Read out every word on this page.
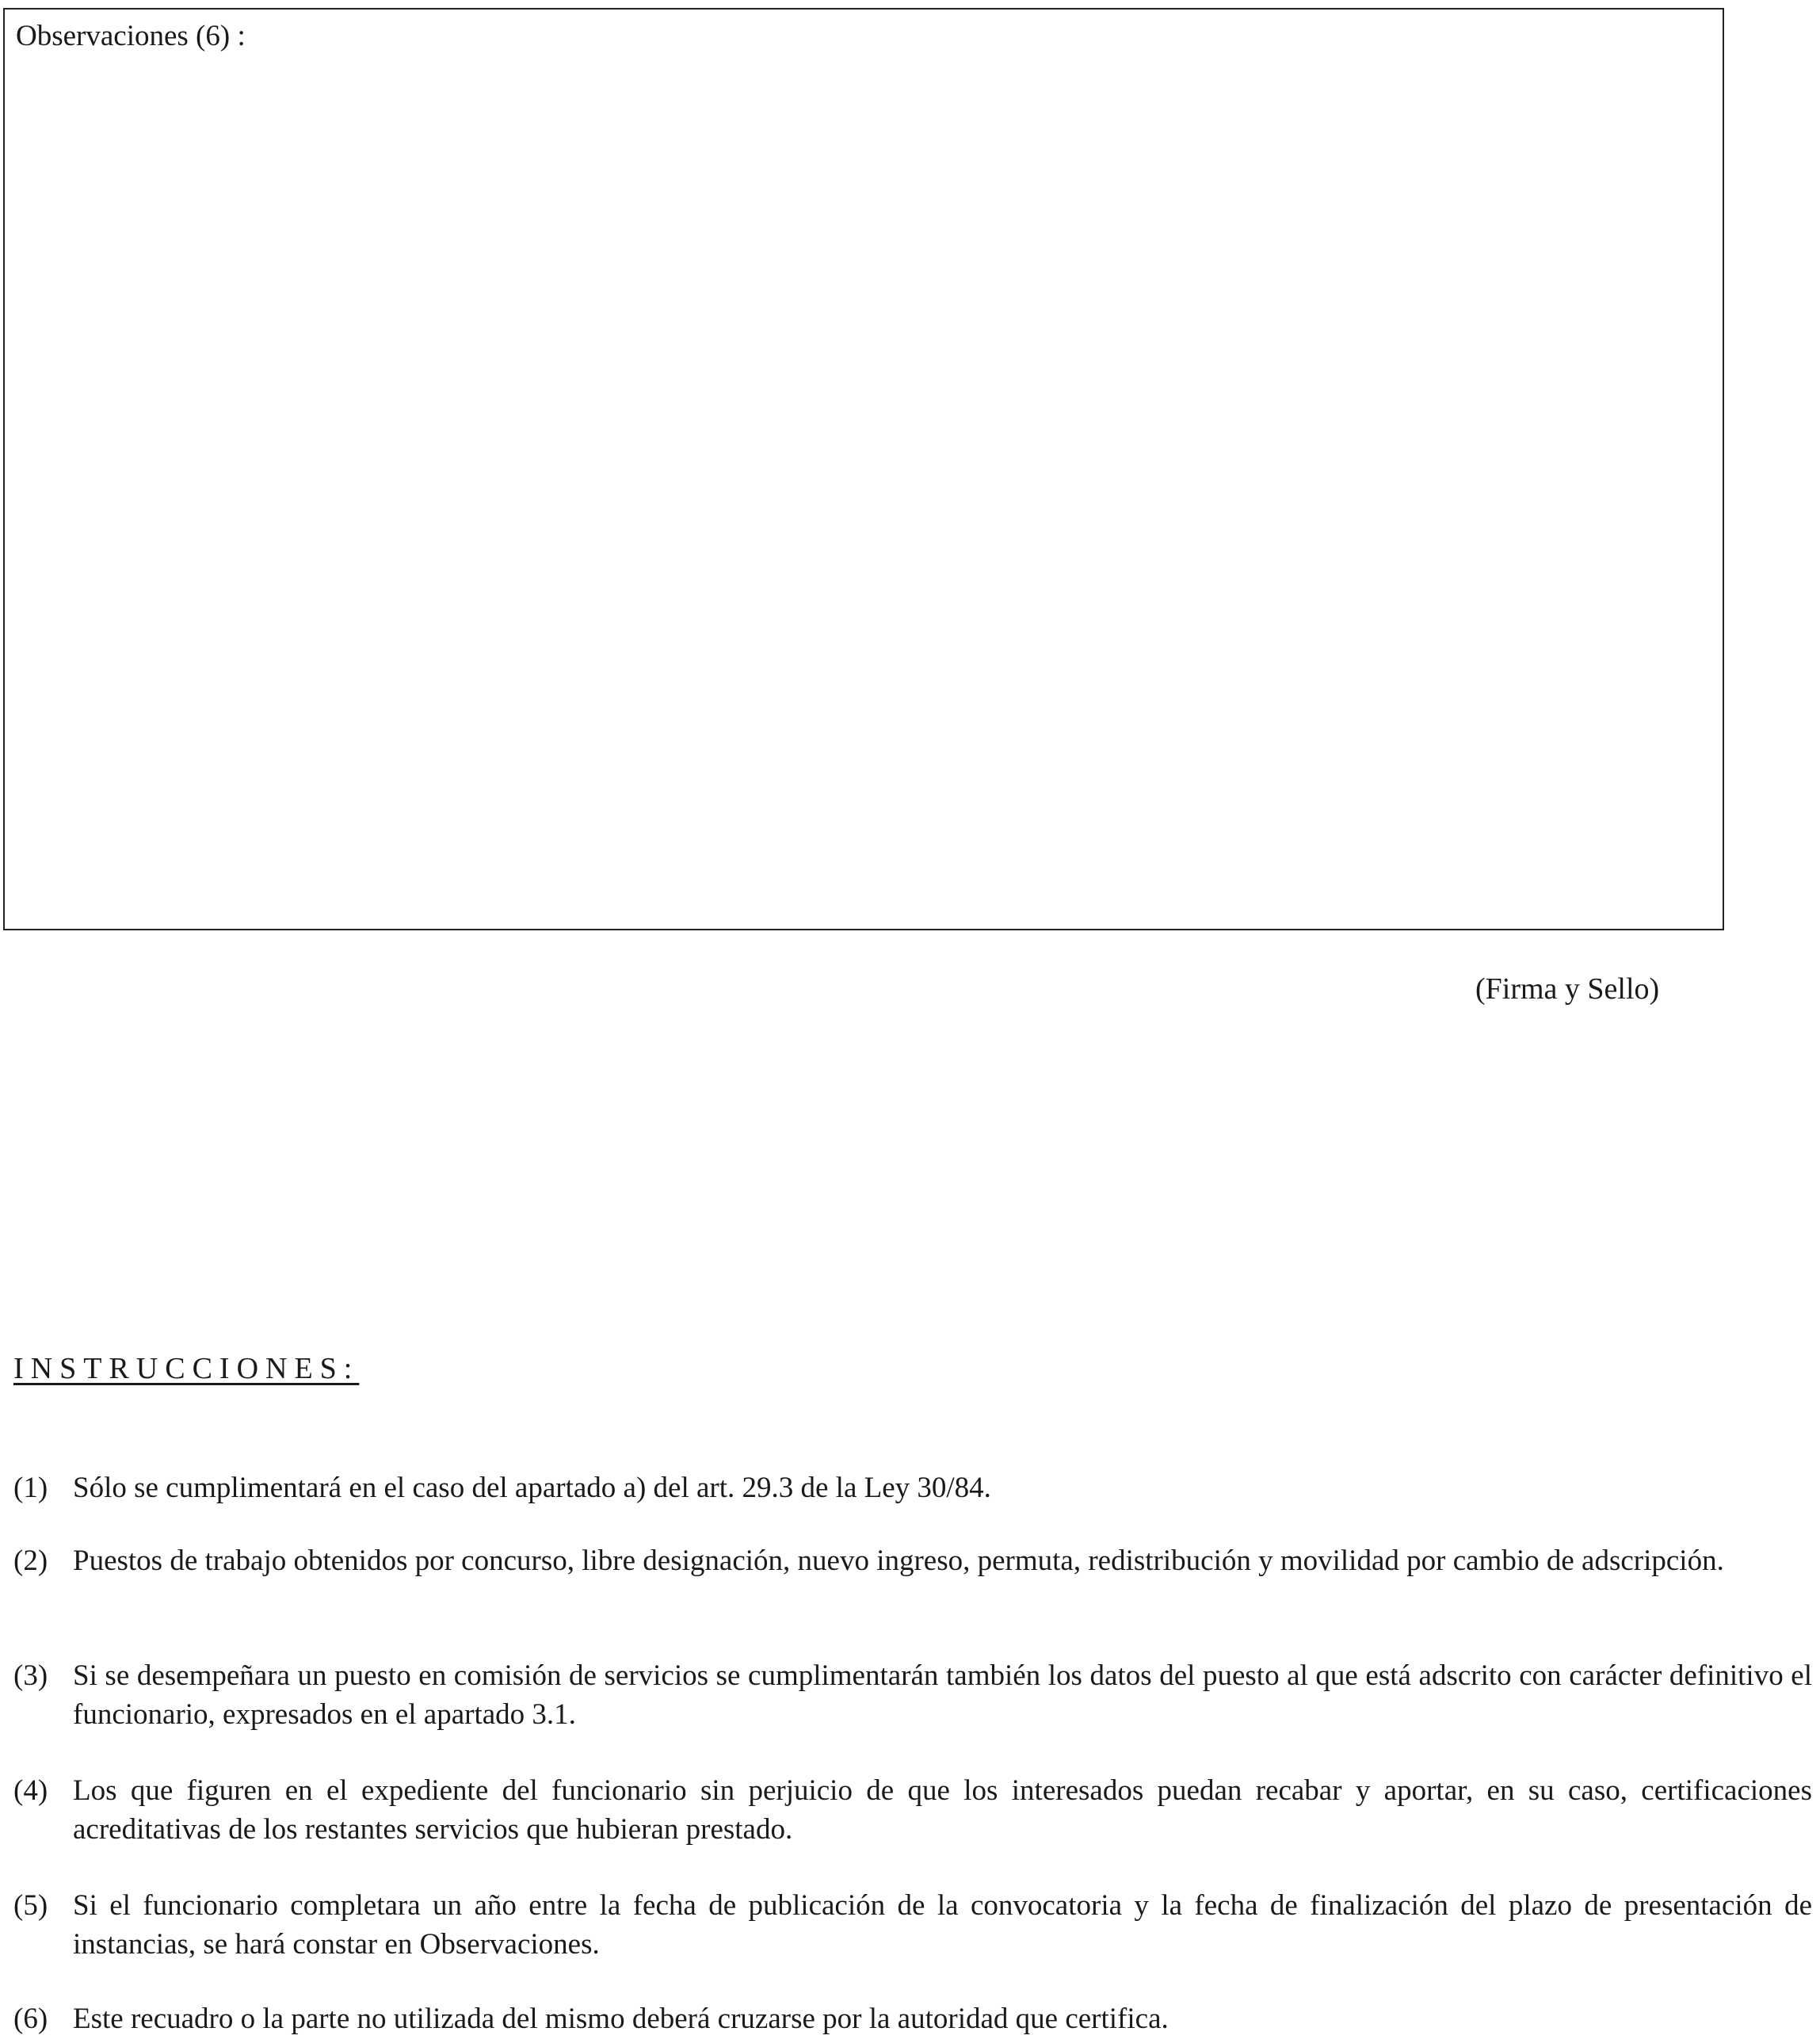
Observaciones (6) :
(Firma y Sello)
INSTRUCCIONES:
(1) Sólo se cumplimentará en el caso del apartado a) del art. 29.3 de la Ley 30/84.
(2) Puestos de trabajo obtenidos por concurso, libre designación, nuevo ingreso, permuta, redistribución y movilidad por cambio de adscripción.
(3) Si se desempeñara un puesto en comisión de servicios se cumplimentarán también los datos del puesto al que está adscrito con carácter definitivo el funcionario, expresados en el apartado 3.1.
(4) Los que figuren en el expediente del funcionario sin perjuicio de que los interesados puedan recabar y aportar, en su caso, certificaciones acreditativas de los restantes servicios que hubieran prestado.
(5) Si el funcionario completara un año entre la fecha de publicación de la convocatoria y la fecha de finalización del plazo de presentación de instancias, se hará constar en Observaciones.
(6) Este recuadro o la parte no utilizada del mismo deberá cruzarse por la autoridad que certifica.
